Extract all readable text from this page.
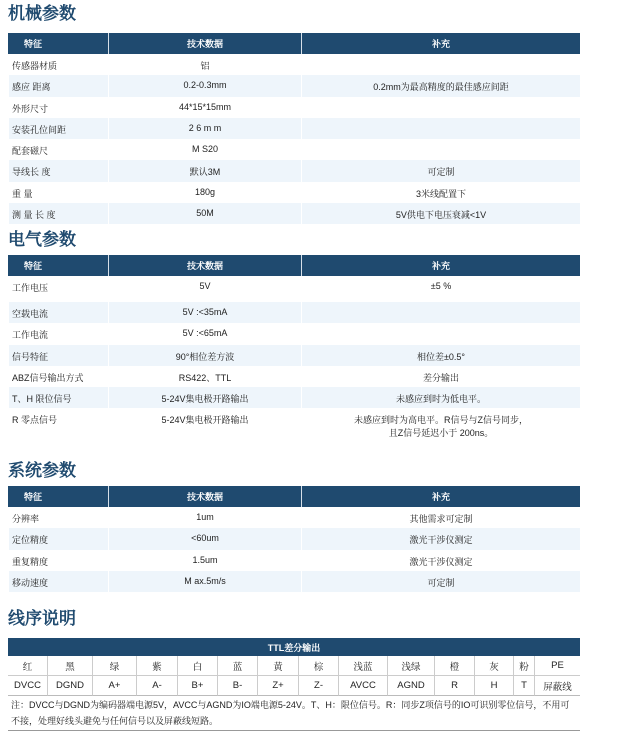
机械参数
特征	技术数据	补充
传感器材质	铝	
感应 距离	0.2-0.3mm	0.2mm为最高精度的最佳感应间距
外形尺寸	44*15*15mm	
安装孔位间距	2 6 m m	
配套磁尺	M S20	
导线长 度	默认3M	可定制
重 量	180g	3米线配置下
测 量 长 度	50M	5V供电下电压衰减<1V
电气参数
特征	技术数据	补充
工作电压	5V	±5 %
空载电流	5V :<35mA	
工作电流	5V :<65mA	
信号特征	90°相位差方波	相位差±0.5°
ABZ信号输出方式	RS422、TTL	差分输出
T、H 限位信号	5-24V集电极开路输出	未感应到时为低电平。
R 零点信号	5-24V集电极开路输出	未感应到时为高电平。R信号与Z信号同步，
且Z信号延迟小于 200ns。
系统参数
特征	技术数据	补充
分辨率	1um	其他需求可定制
定位精度	<60um	激光干涉仪测定
重复精度	1.5um	激光干涉仪测定
移动速度	M ax.5m/s	可定制
线序说明
TTL差分输出													
红	黑	绿	紫	白	蓝	黄	棕	浅蓝	浅绿	橙	灰	粉	PE
DVCC	DGND	A+	A-	B+	B-	Z+	Z-	AVCC	AGND	R	H	T	屏蔽线
注：DVCC与DGND为编码器端电源5V，AVCC与AGND为IO端电源5-24V。T、H：限位信号。R：同步Z项信号的IO可识别零位信号，不用可不接，处理好线头避免与任何信号以及屏蔽线短路。
